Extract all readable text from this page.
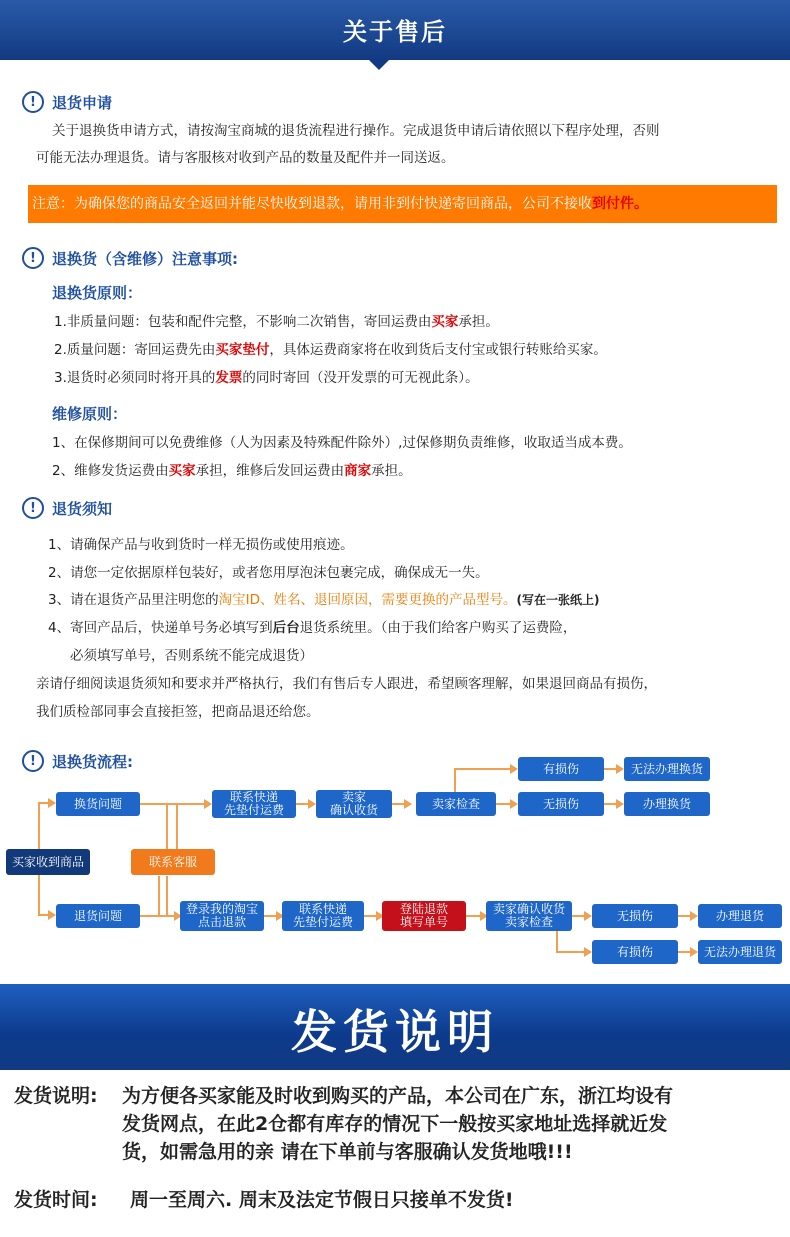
关于售后
!	退货申请
关于退换货申请方式，请按淘宝商城的退货流程进行操作。完成退货申请后请依照以下程序处理，否则
可能无法办理退货。请与客服核对收到产品的数量及配件并一同送返。
注意：为确保您的商品安全返回并能尽快收到退款，请用非到付快递寄回商品，公司不接收到付件。
!	退换货（含维修）注意事项:
退换货原则：
1.非质量问题：包装和配件完整，不影响二次销售，寄回运费由买家承担。
2.质量问题：寄回运费先由买家垫付，具体运费商家将在收到货后支付宝或银行转账给买家。
3.退货时必须同时将开具的发票的同时寄回（没开发票的可无视此条）。
维修原则：
1、在保修期间可以免费维修（人为因素及特殊配件除外）,过保修期负责维修，收取适当成本费。
2、维修发货运费由买家承担，维修后发回运费由商家承担。
!	退货须知
1、请确保产品与收到货时一样无损伤或使用痕迹。
2、请您一定依据原样包装好，或者您用厚泡沫包裹完成，确保成无一失。
3、请在退货产品里注明您的淘宝ID、姓名、退回原因，需要更换的产品型号。(写在一张纸上)
4、寄回产品后，快递单号务必填写到后台退货系统里。（由于我们给客户购买了运费险，
必须填写单号，否则系统不能完成退货）
亲请仔细阅读退货须知和要求并严格执行，我们有售后专人跟进，希望顾客理解，如果退回商品有损伤，
我们质检部同事会直接拒签，把商品退还给您。
!	退换货流程:
买家收到商品	联系客服
换货问题	联系快递
先垫付运费
卖家
确认收货	卖家检查
有损伤	无法办理换货
无损伤	办理换货
退货问题	登录我的淘宝
点击退款
联系快递
先垫付运费
登陆退款
填写单号
卖家确认收货
卖家检查	无损伤	办理退货
有损伤	无法办理退货
发货说明
发货说明: 为方便各买家能及时收到购买的产品，本公司在广东，浙江均设有
发货网点，在此2仓都有库存的情况下一般按买家地址选择就近发
货，如需急用的亲 请在下单前与客服确认发货地哦!!!
发货时间: 周一至周六. 周末及法定节假日只接单不发货!
